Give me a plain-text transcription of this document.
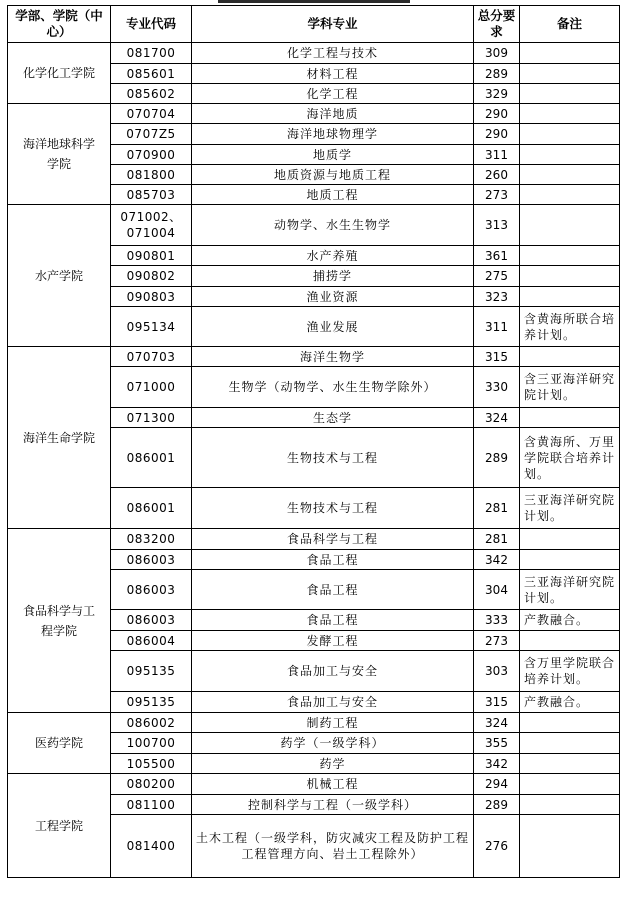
学部、学院（中心）	专业代码	学科专业	总分要求	备注
化学化工学院	081700	化学工程与技术	309	
	085601	材料工程	289	
	085602	化学工程	329	
海洋地球科学学院	070704	海洋地质	290	
	0707Z5	海洋地球物理学	290	
	070900	地质学	311	
	081800	地质资源与地质工程	260	
	085703	地质工程	273	
水产学院	071002、071004	动物学、水生生物学	313	
	090801	水产养殖	361	
	090802	捕捞学	275	
	090803	渔业资源	323	
	095134	渔业发展	311	含黄海所联合培养计划。
海洋生命学院	070703	海洋生物学	315	
	071000	生物学（动物学、水生生物学除外）	330	含三亚海洋研究院计划。
	071300	生态学	324	
	086001	生物技术与工程	289	含黄海所、万里学院联合培养计划。
	086001	生物技术与工程	281	三亚海洋研究院计划。
食品科学与工程学院	083200	食品科学与工程	281	
	086003	食品工程	342	
	086003	食品工程	304	三亚海洋研究院计划。
	086003	食品工程	333	产教融合。
	086004	发酵工程	273	
	095135	食品加工与安全	303	含万里学院联合培养计划。
	095135	食品加工与安全	315	产教融合。
医药学院	086002	制药工程	324	
	100700	药学（一级学科）	355	
	105500	药学	342	
工程学院	080200	机械工程	294	
	081100	控制科学与工程（一级学科）	289	
	081400	土木工程（一级学科，防灾减灾工程及防护工程工程管理方向、岩土工程除外）	276	
